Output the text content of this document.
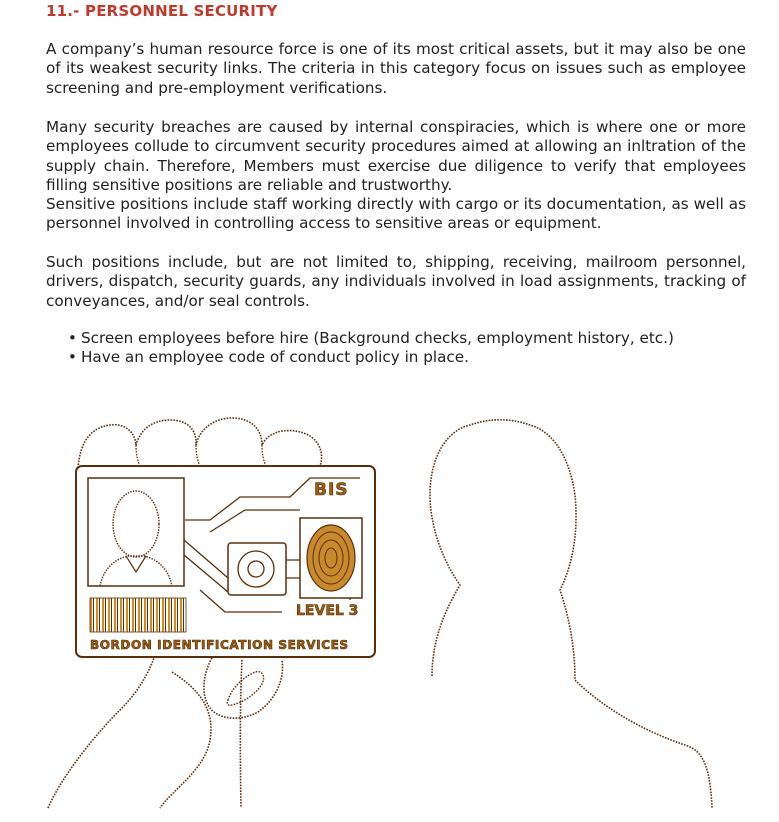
11.- PERSONNEL SECURITY

A company’s human resource force is one of its most critical assets, but it may also be one of its weakest security links. The criteria in this category focus on issues such as employee screening and pre-employment verifications.

Many security breaches are caused by internal conspiracies, which is where one or more employees collude to circumvent security procedures aimed at allowing an inltration of the supply chain. Therefore, Members must exercise due diligence to verify that employees filling sensitive positions are reliable and trustworthy.

Sensitive positions include staff working directly with cargo or its documentation, as well as personnel involved in controlling access to sensitive areas or equipment.

Such positions include, but are not limited to, shipping, receiving, mailroom personnel, drivers, dispatch, security guards, any individuals involved in load assignments, tracking of conveyances, and/or seal controls.

• Screen employees before hire (Background checks, employment history, etc.)
• Have an employee code of conduct policy in place.
BIS
LEVEL 3
BORDON IDENTIFICATION SERVICES
